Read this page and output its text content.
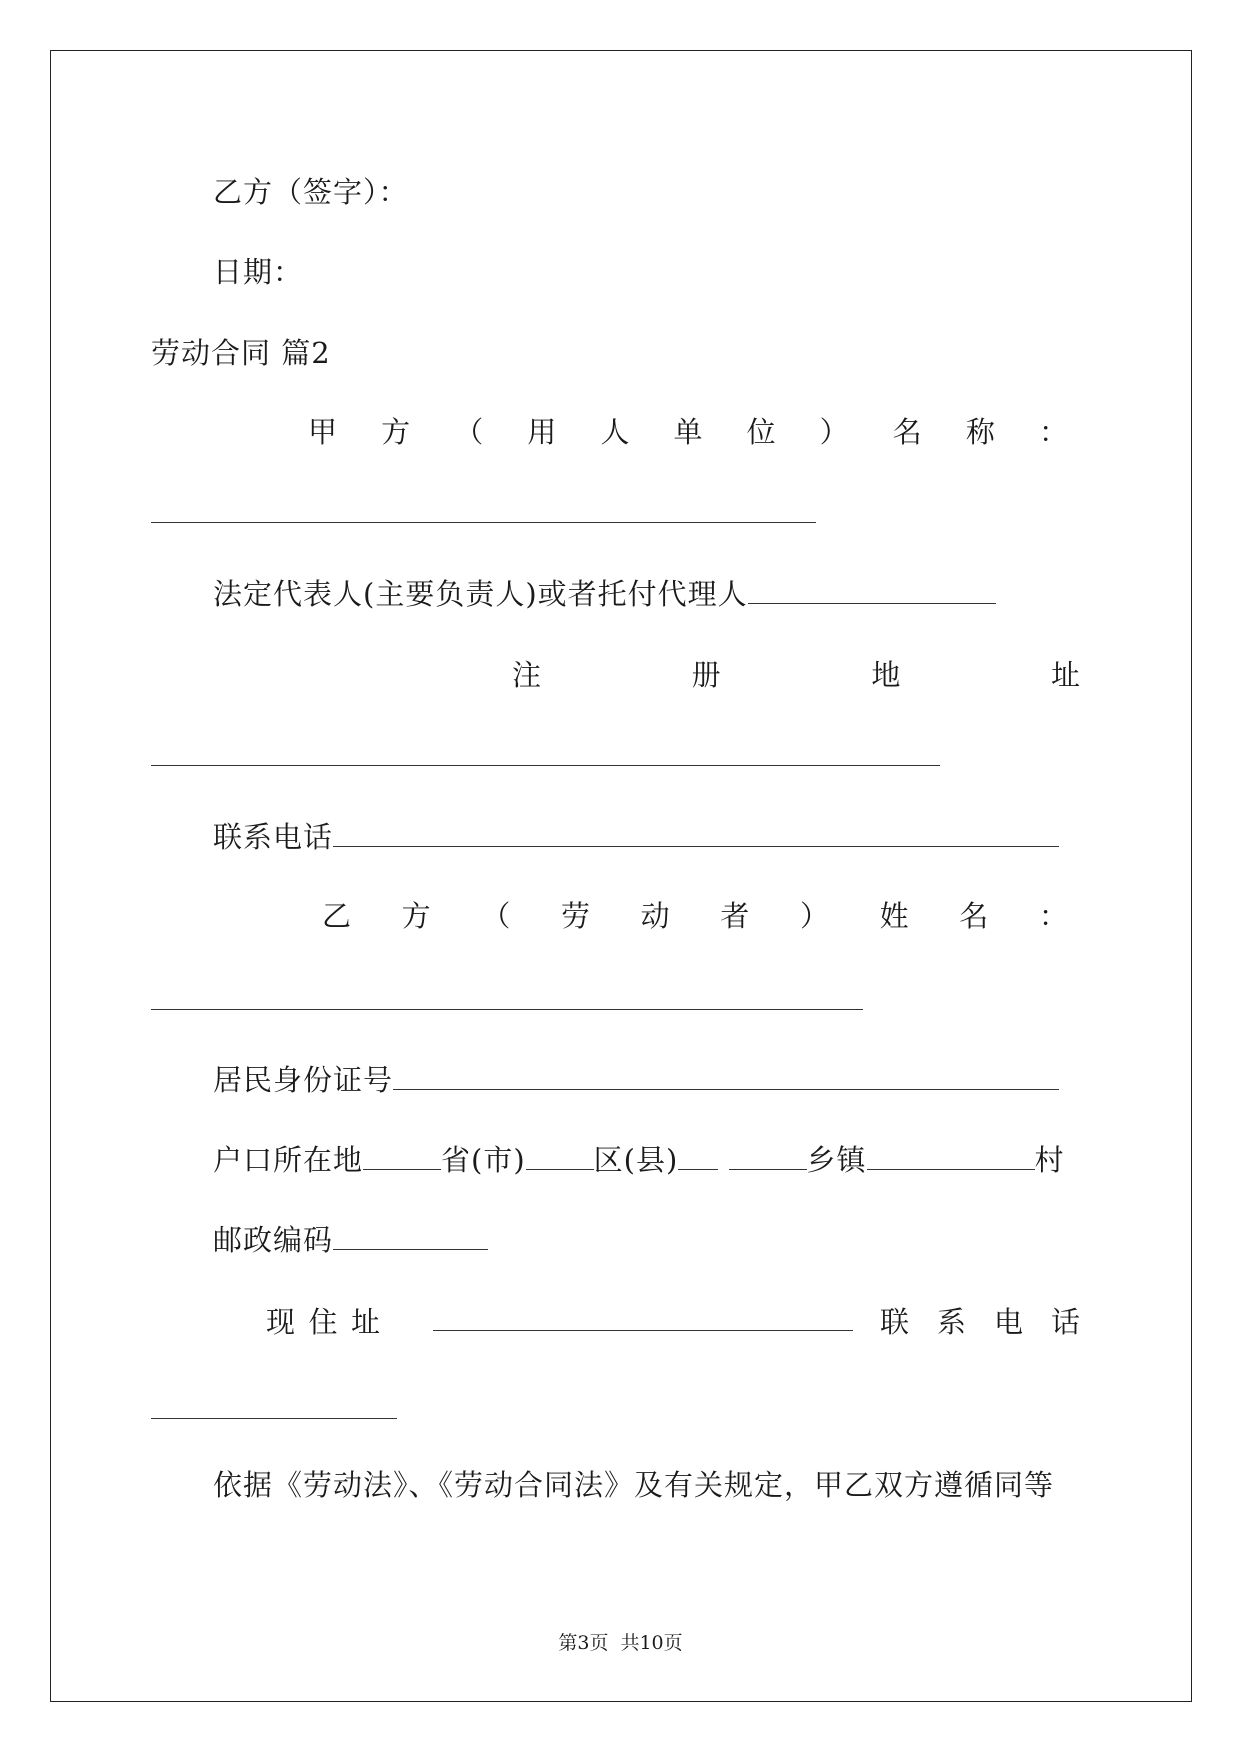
乙方（签字）：
日期：
劳动合同 篇2
甲 方 （ 用 人 单 位 ） 名 称 ：
法定代表人(主要负责人)或者托付代理人
注	册	地	址
联系电话
乙 方 （ 劳 动 者 ） 姓 名 ：
居民身份证号
户口所在地	省(市) 区(县)	乡镇	村
邮政编码
现 住 址	联 系 电 话
依据《劳动法》、《劳动合同法》及有关规定，甲乙双方遵循同等
第3页 共10页
